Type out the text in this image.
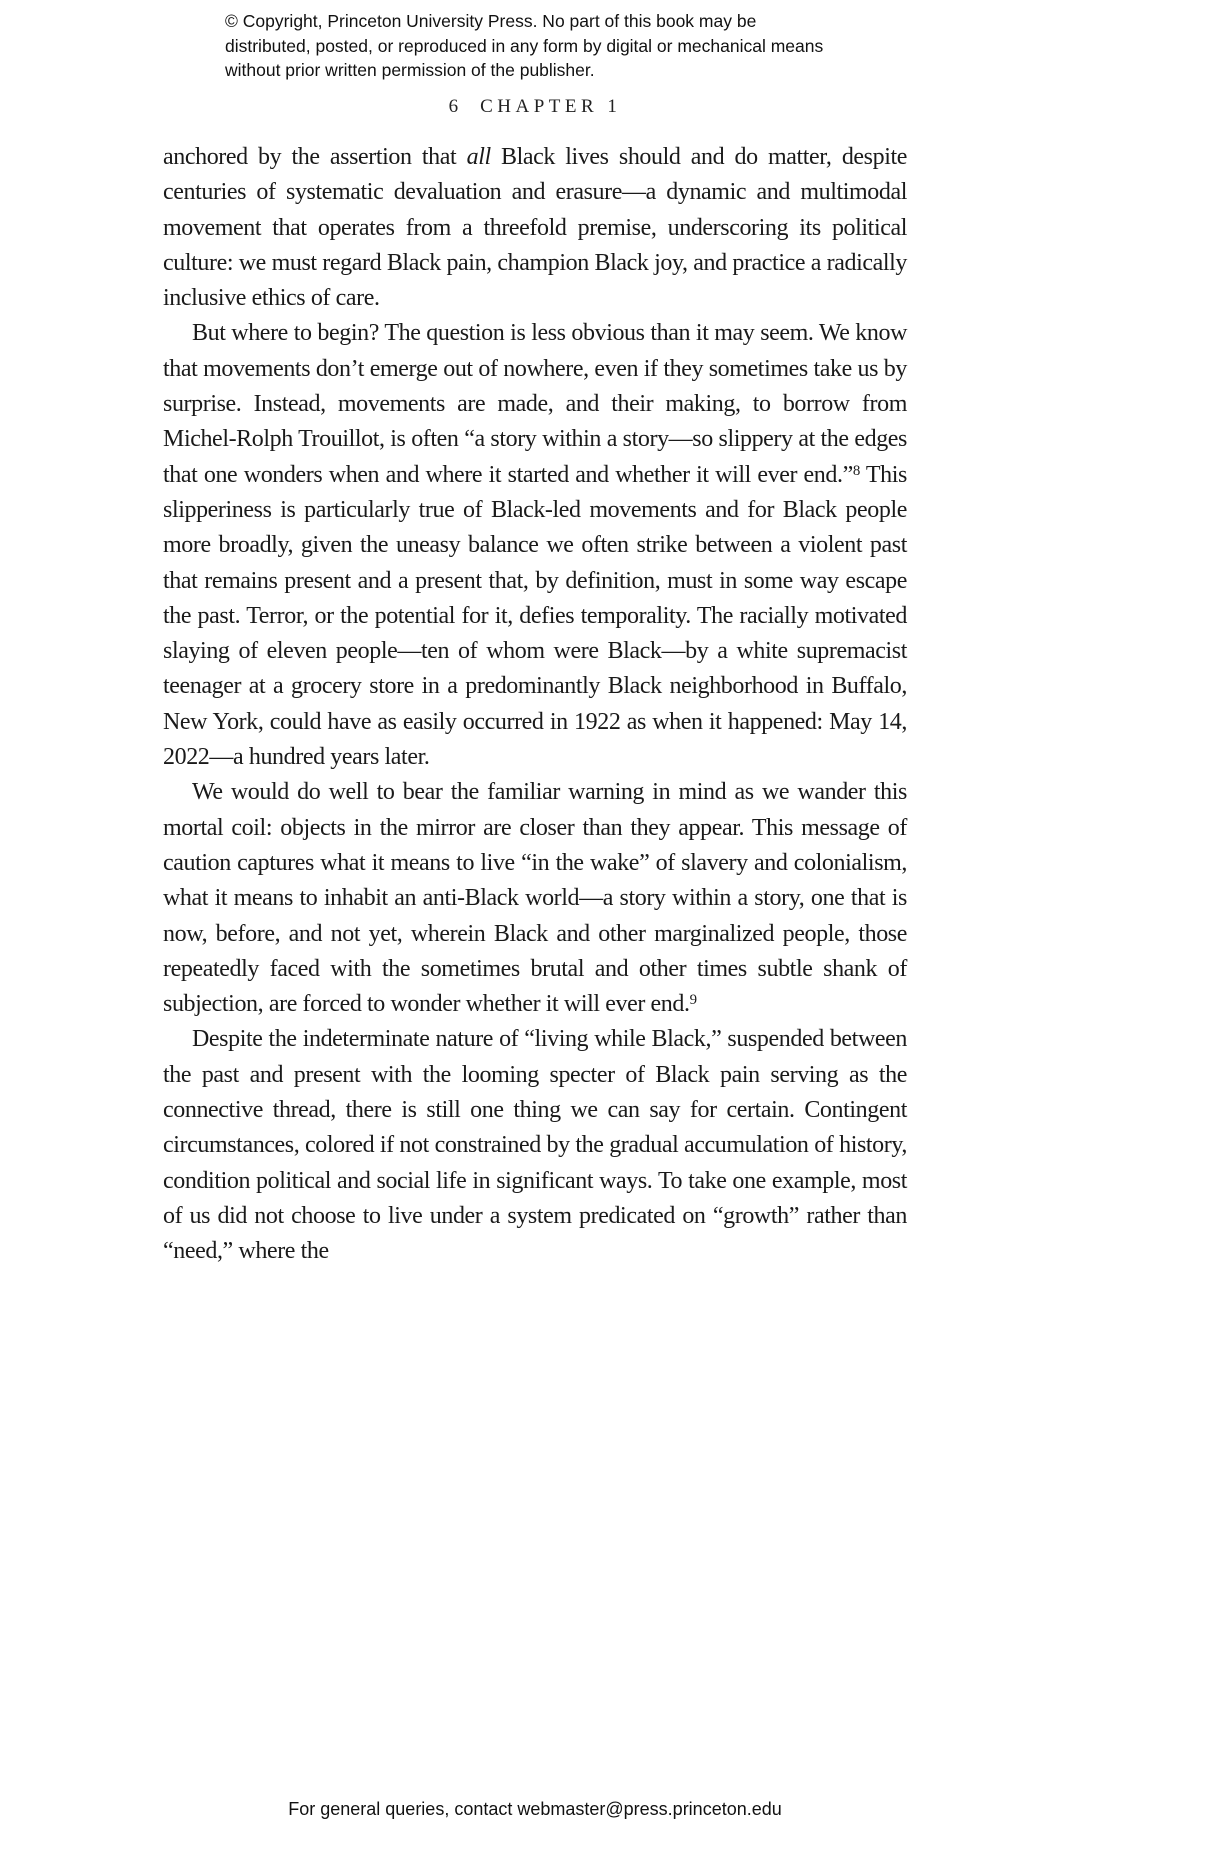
© Copyright, Princeton University Press. No part of this book may be distributed, posted, or reproduced in any form by digital or mechanical means without prior written permission of the publisher.
6 CHAPTER 1

anchored by the assertion that all Black lives should and do matter, despite centuries of systematic devaluation and erasure—a dynamic and multimodal movement that operates from a threefold premise, underscoring its political culture: we must regard Black pain, champion Black joy, and practice a radically inclusive ethics of care.

But where to begin? The question is less obvious than it may seem. We know that movements don’t emerge out of nowhere, even if they sometimes take us by surprise. Instead, movements are made, and their making, to borrow from Michel-Rolph Trouillot, is often “a story within a story—so slippery at the edges that one wonders when and where it started and whether it will ever end.”$^8$ This slipperiness is particularly true of Black-led movements and for Black people more broadly, given the uneasy balance we often strike between a violent past that remains present and a present that, by definition, must in some way escape the past. Terror, or the potential for it, defies temporality. The racially motivated slaying of eleven people—ten of whom were Black—by a white supremacist teenager at a grocery store in a predominantly Black neighborhood in Buffalo, New York, could have as easily occurred in 1922 as when it happened: May 14, 2022—a hundred years later.

We would do well to bear the familiar warning in mind as we wander this mortal coil: objects in the mirror are closer than they appear. This message of caution captures what it means to live “in the wake” of slavery and colonialism, what it means to inhabit an anti-Black world—a story within a story, one that is now, before, and not yet, wherein Black and other marginalized people, those repeatedly faced with the sometimes brutal and other times subtle shank of subjection, are forced to wonder whether it will ever end.$^9$

Despite the indeterminate nature of “living while Black,” suspended between the past and present with the looming specter of Black pain serving as the connective thread, there is still one thing we can say for certain. Contingent circumstances, colored if not constrained by the gradual accumulation of history, condition political and social life in significant ways. To take one example, most of us did not choose to live under a system predicated on “growth” rather than “need,” where the

For general queries, contact webmaster@press.princeton.edu
